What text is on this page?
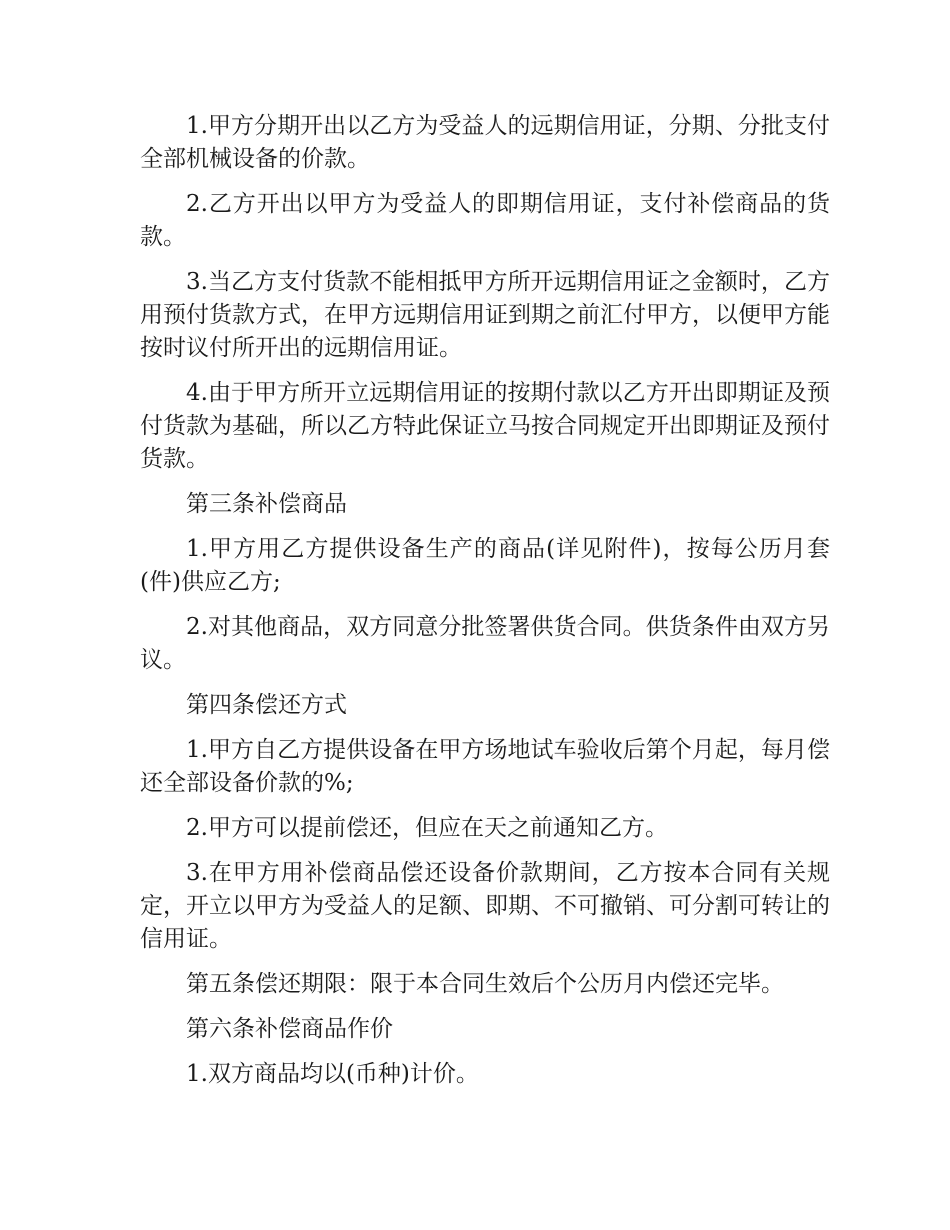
1.甲方分期开出以乙方为受益人的远期信用证，分期、分批支付全部机械设备的价款。

2.乙方开出以甲方为受益人的即期信用证，支付补偿商品的货款。

3.当乙方支付货款不能相抵甲方所开远期信用证之金额时，乙方用预付货款方式，在甲方远期信用证到期之前汇付甲方，以便甲方能按时议付所开出的远期信用证。

4.由于甲方所开立远期信用证的按期付款以乙方开出即期证及预付货款为基础，所以乙方特此保证立马按合同规定开出即期证及预付货款。

第三条补偿商品

1.甲方用乙方提供设备生产的商品(详见附件)，按每公历月套(件)供应乙方;

2.对其他商品，双方同意分批签署供货合同。供货条件由双方另议。

第四条偿还方式

1.甲方自乙方提供设备在甲方场地试车验收后第个月起，每月偿还全部设备价款的%;

2.甲方可以提前偿还，但应在天之前通知乙方。

3.在甲方用补偿商品偿还设备价款期间，乙方按本合同有关规定，开立以甲方为受益人的足额、即期、不可撤销、可分割可转让的信用证。

第五条偿还期限：限于本合同生效后个公历月内偿还完毕。

第六条补偿商品作价

1.双方商品均以(币种)计价。
